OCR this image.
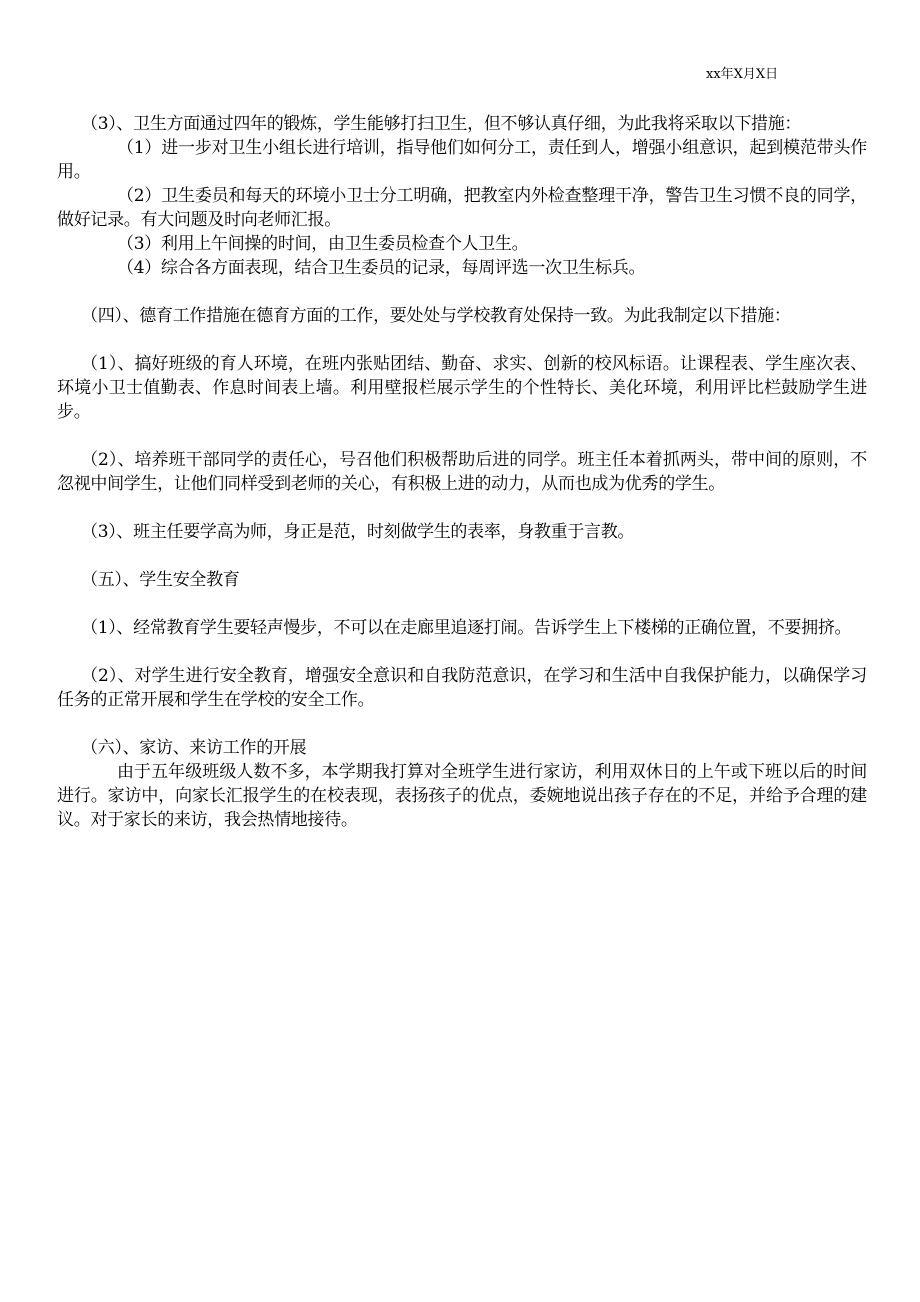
xx年X月X日

（3）、卫生方面通过四年的锻炼，学生能够打扫卫生，但不够认真仔细，为此我将采取以下措施：

（1）进一步对卫生小组长进行培训，指导他们如何分工，责任到人，增强小组意识，起到模范带头作用。

（2）卫生委员和每天的环境小卫士分工明确，把教室内外检查整理干净，警告卫生习惯不良的同学，做好记录。有大问题及时向老师汇报。

（3）利用上午间操的时间，由卫生委员检查个人卫生。

（4）综合各方面表现，结合卫生委员的记录，每周评选一次卫生标兵。

（四）、德育工作措施在德育方面的工作，要处处与学校教育处保持一致。为此我制定以下措施：

（1）、搞好班级的育人环境，在班内张贴团结、勤奋、求实、创新的校风标语。让课程表、学生座次表、环境小卫士值勤表、作息时间表上墙。利用壁报栏展示学生的个性特长、美化环境，利用评比栏鼓励学生进步。

（2）、培养班干部同学的责任心，号召他们积极帮助后进的同学。班主任本着抓两头，带中间的原则，不忽视中间学生，让他们同样受到老师的关心，有积极上进的动力，从而也成为优秀的学生。

（3）、班主任要学高为师，身正是范，时刻做学生的表率，身教重于言教。

（五）、学生安全教育

（1）、经常教育学生要轻声慢步，不可以在走廊里追逐打闹。告诉学生上下楼梯的正确位置，不要拥挤。

（2）、对学生进行安全教育，增强安全意识和自我防范意识，在学习和生活中自我保护能力，以确保学习任务的正常开展和学生在学校的安全工作。

（六）、家访、来访工作的开展

由于五年级班级人数不多，本学期我打算对全班学生进行家访，利用双休日的上午或下班以后的时间进行。家访中，向家长汇报学生的在校表现，表扬孩子的优点，委婉地说出孩子存在的不足，并给予合理的建议。对于家长的来访，我会热情地接待。
